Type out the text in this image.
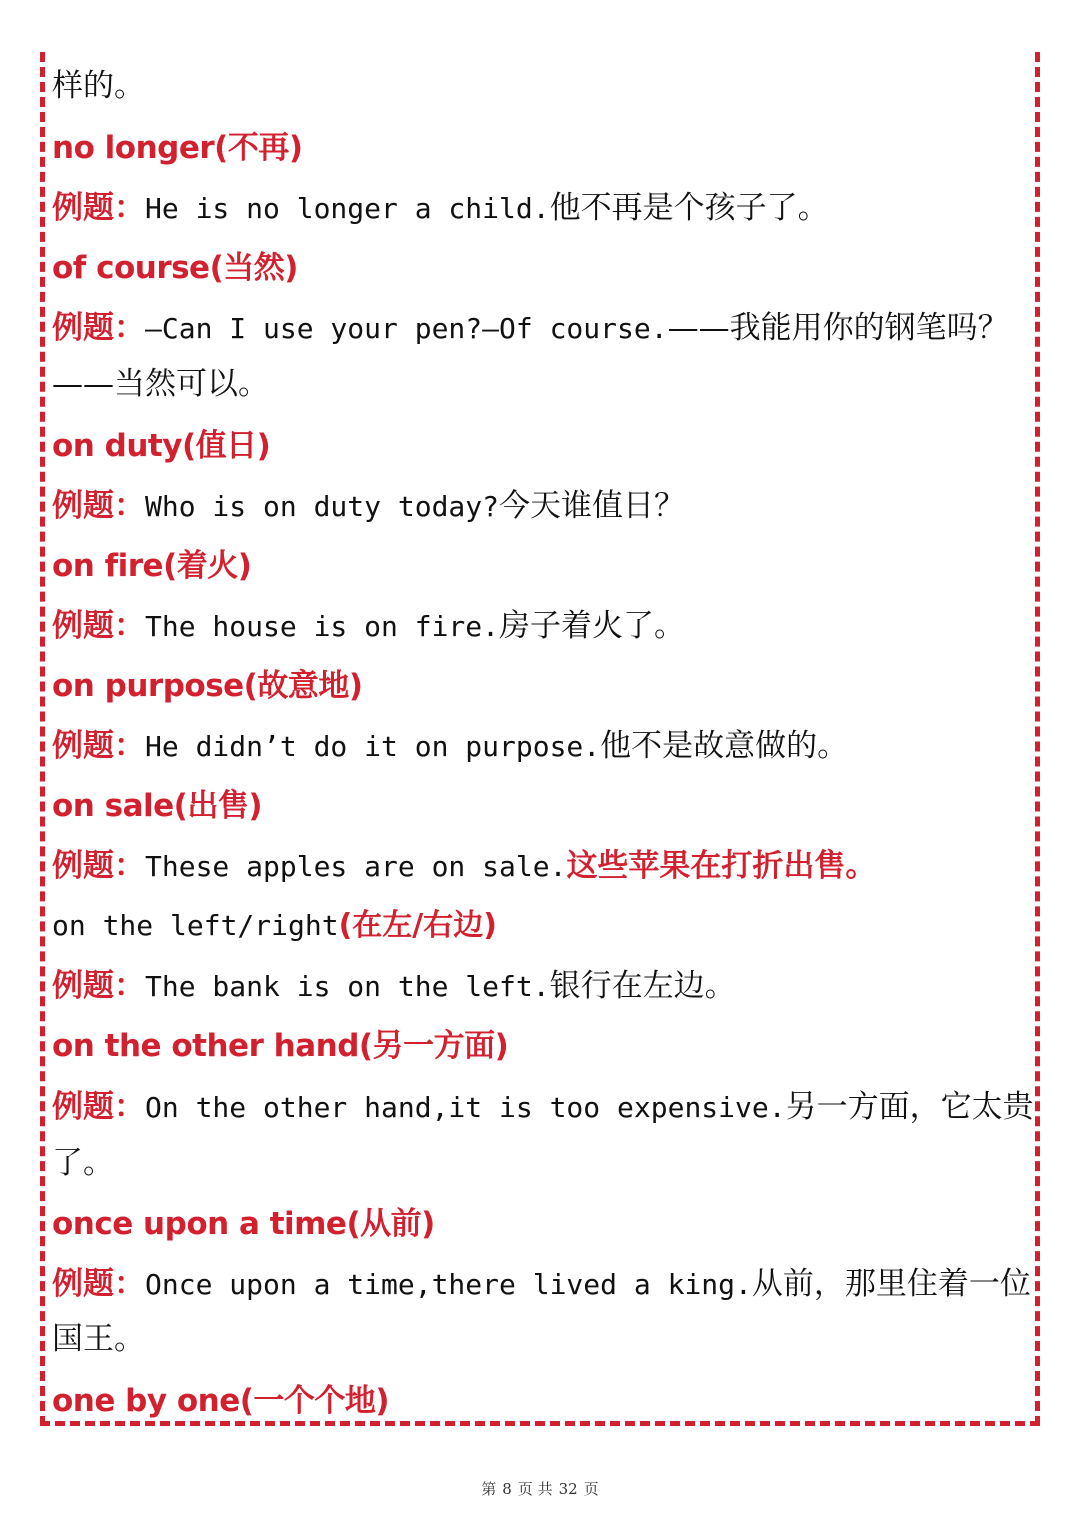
样的。
no longer(不再)
例题：He is no longer a child.他不再是个孩子了。
of course(当然)
例题：—Can I use your pen?—Of course.——我能用你的钢笔吗？
——当然可以。
on duty(值日)
例题：Who is on duty today?今天谁值日？
on fire(着火)
例题：The house is on fire.房子着火了。
on purpose(故意地)
例题：He didn’t do it on purpose.他不是故意做的。
on sale(出售)
例题：These apples are on sale.这些苹果在打折出售。
on the left/right(在左/右边)
例题：The bank is on the left.银行在左边。
on the other hand(另一方面)
例题：On the other hand,it is too expensive.另一方面，它太贵
了。
once upon a time(从前)
例题：Once upon a time,there lived a king.从前，那里住着一位
国王。
one by one(一个个地)
第 8 页 共 32 页
